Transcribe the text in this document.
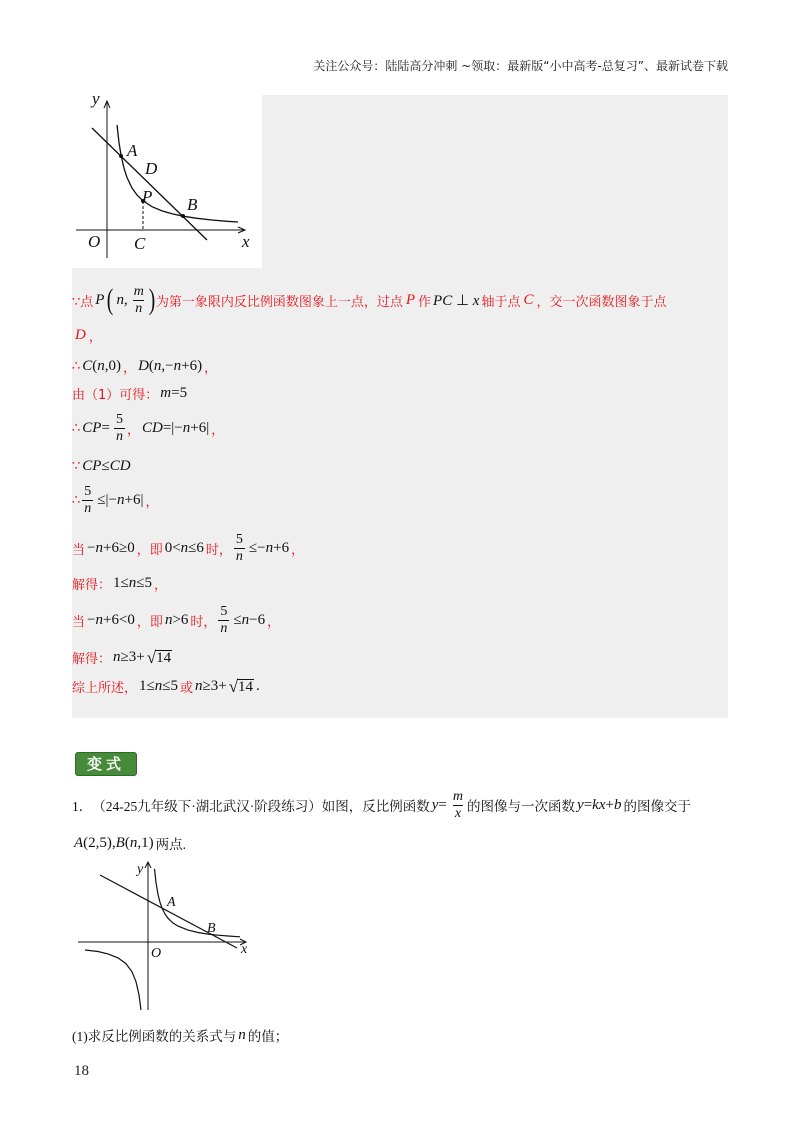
关注公众号：陆陆高分冲刺 ~领取：最新版“小中高考-总复习”、最新试卷下载
y
A
D
P B
O C	x
∵点 P ( n, $\frac{m}{n}$ ) 为第一象限内反比例函数图象上一点，过点 P 作 PC ⊥ x 轴于点 C ，交一次函数图象于点
D ，
∴ C(n,0) ， D(n,−n+6) ，
由（1）可得： m=5
∴ $CP= \frac{5}{n}$ ， CD=|−n+6| ，
∵ CP≤CD
∴ $\frac{5}{n} \le|-n+6|$ ，
当 −n+6≥0 ，即 0<n≤6 时， $\frac{5}{n} \le-n+6$ ，
解得： 1≤n≤5 ，
当 −n+6<0 ，即 n>6 时， $\frac{5}{n} \le n-6$ ，
解得： n≥3+ √ 14
综上所述， 1≤n≤5 或 n≥3+ √ 14 .
变式
1． （24-25九年级下·湖北武汉·阶段练习）如图，反比例函数 $y= \frac{m}{x}$ 的图像与一次函数 y=kx+b 的图像交于
A(2,5),B(n,1) 两点.
y
A
B
x
O
(1)求反比例函数的关系式与 n 的值；
18
